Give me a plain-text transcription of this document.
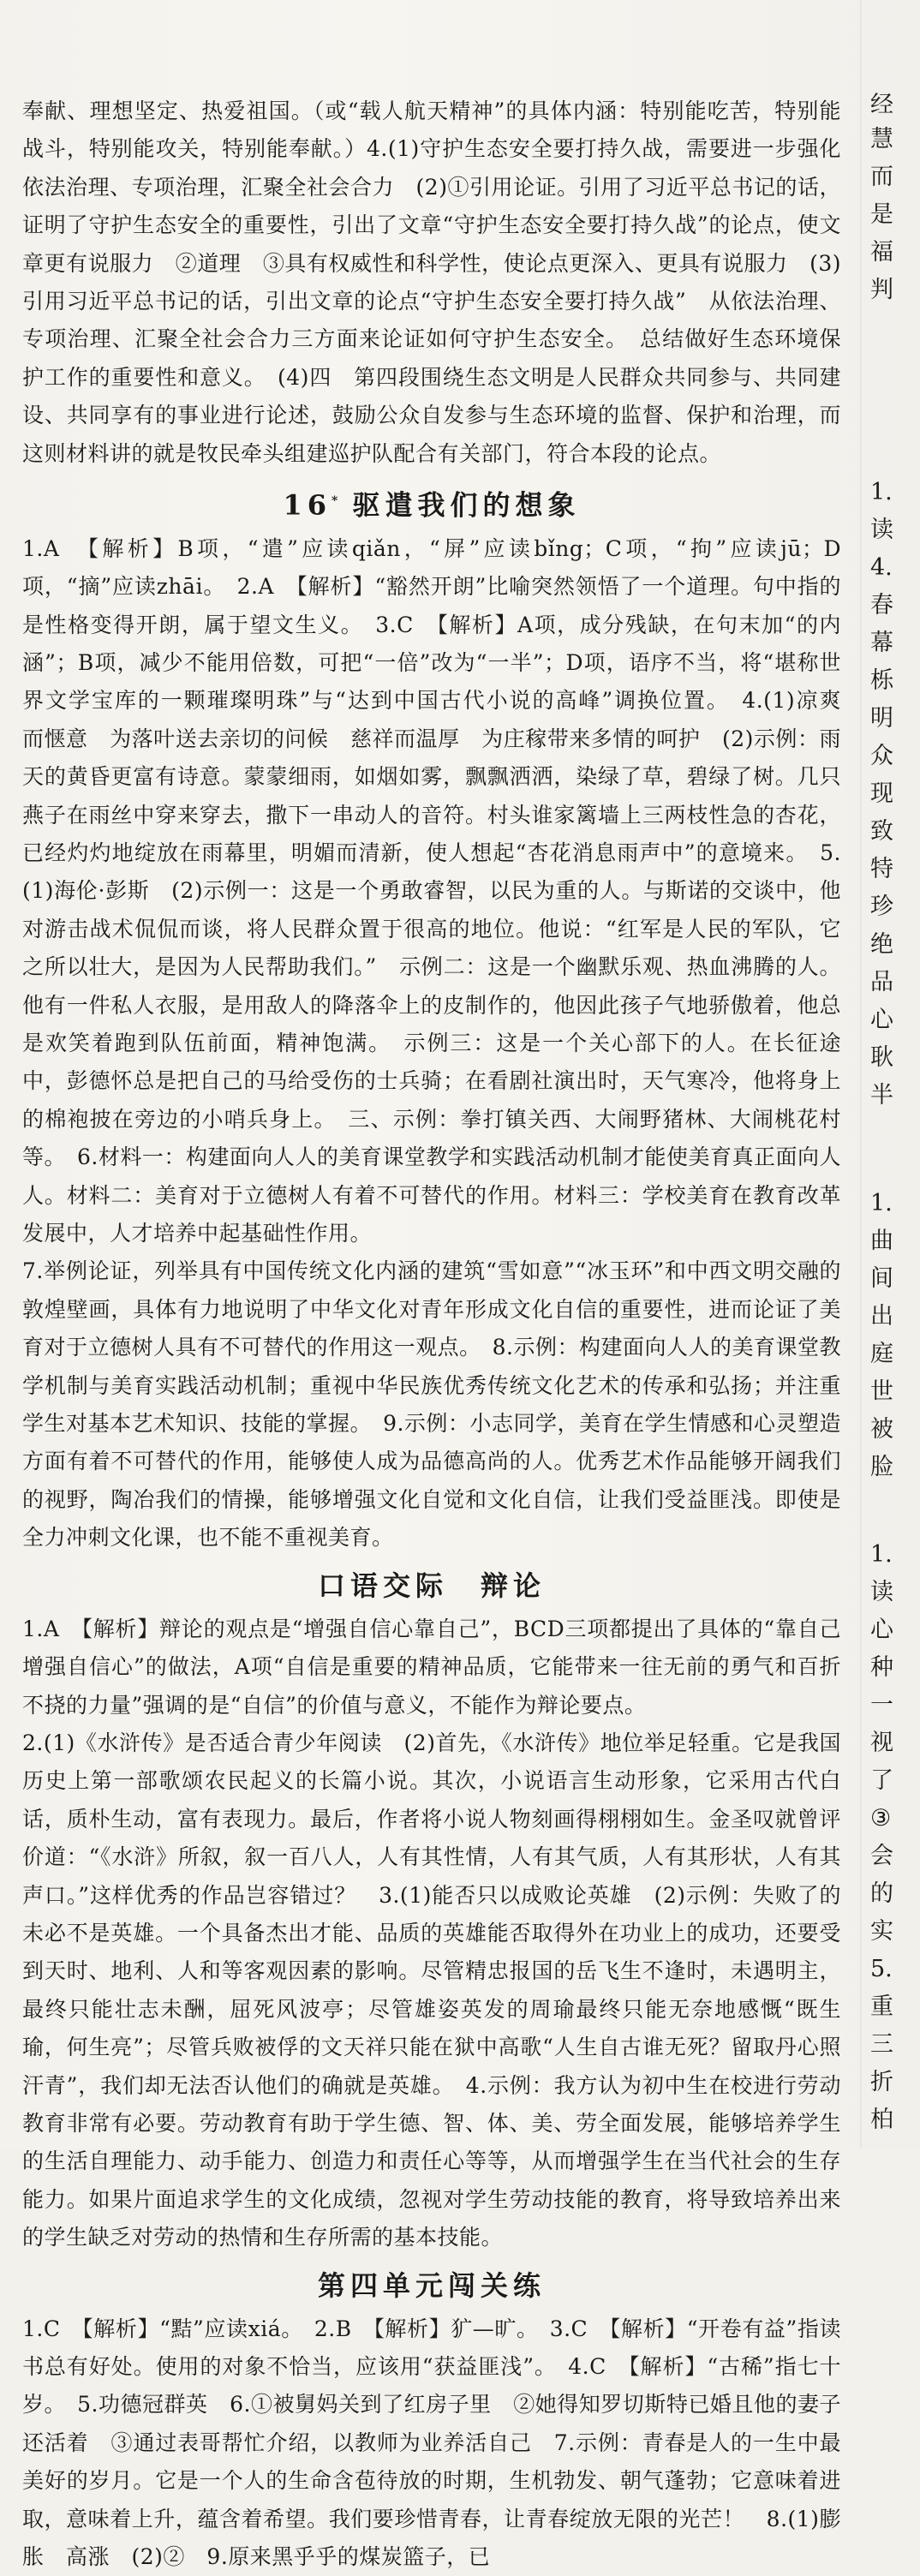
奉献、理想坚定、热爱祖国。（或“载人航天精神”的具体内涵：特别能吃苦，特别能战斗，特别能攻关，特别能奉献。）4.(1)守护生态安全要打持久战，需要进一步强化依法治理、专项治理，汇聚全社会合力　(2)①引用论证。引用了习近平总书记的话，证明了守护生态安全的重要性，引出了文章“守护生态安全要打持久战”的论点，使文章更有说服力　②道理　③具有权威性和科学性，使论点更深入、更具有说服力　(3)引用习近平总书记的话，引出文章的论点“守护生态安全要打持久战”　从依法治理、专项治理、汇聚全社会合力三方面来论证如何守护生态安全。　总结做好生态环境保护工作的重要性和意义。　(4)四　第四段围绕生态文明是人民群众共同参与、共同建设、共同享有的事业进行论述，鼓励公众自发参与生态环境的监督、保护和治理，而这则材料讲的就是牧民牵头组建巡护队配合有关部门，符合本段的论点。

16* 驱遣我们的想象

1.A　【解析】B项，“遣”应读qiǎn，“屏”应读bǐng；C项，“拘”应读jū；D项，“摘”应读zhāi。　2.A　【解析】“豁然开朗”比喻突然领悟了一个道理。句中指的是性格变得开朗，属于望文生义。　3.C　【解析】A项，成分残缺，在句末加“的内涵”；B项，减少不能用倍数，可把“一倍”改为“一半”；D项，语序不当，将“堪称世界文学宝库的一颗璀璨明珠”与“达到中国古代小说的高峰”调换位置。　4.(1)凉爽　而惬意　为落叶送去亲切的问候　慈祥而温厚　为庄稼带来多情的呵护　(2)示例：雨天的黄昏更富有诗意。蒙蒙细雨，如烟如雾，飘飘洒洒，染绿了草，碧绿了树。几只燕子在雨丝中穿来穿去，撒下一串动人的音符。村头谁家篱墙上三两枝性急的杏花，已经灼灼地绽放在雨幕里，明媚而清新，使人想起“杏花消息雨声中”的意境来。　5.(1)海伦·彭斯　(2)示例一：这是一个勇敢睿智，以民为重的人。与斯诺的交谈中，他对游击战术侃侃而谈，将人民群众置于很高的地位。他说：“红军是人民的军队，它之所以壮大，是因为人民帮助我们。”　示例二：这是一个幽默乐观、热血沸腾的人。他有一件私人衣服，是用敌人的降落伞上的皮制作的，他因此孩子气地骄傲着，他总是欢笑着跑到队伍前面，精神饱满。　示例三：这是一个关心部下的人。在长征途中，彭德怀总是把自己的马给受伤的士兵骑；在看剧社演出时，天气寒冷，他将身上的棉袍披在旁边的小哨兵身上。　三、示例：拳打镇关西、大闹野猪林、大闹桃花村等。　6.材料一：构建面向人人的美育课堂教学和实践活动机制才能使美育真正面向人人。材料二：美育对于立德树人有着不可替代的作用。材料三：学校美育在教育改革发展中，人才培养中起基础性作用。

7.举例论证，列举具有中国传统文化内涵的建筑“雪如意”“冰玉环”和中西文明交融的敦煌壁画，具体有力地说明了中华文化对青年形成文化自信的重要性，进而论证了美育对于立德树人具有不可替代的作用这一观点。　8.示例：构建面向人人的美育课堂教学机制与美育实践活动机制；重视中华民族优秀传统文化艺术的传承和弘扬；并注重学生对基本艺术知识、技能的掌握。　9.示例：小志同学，美育在学生情感和心灵塑造方面有着不可替代的作用，能够使人成为品德高尚的人。优秀艺术作品能够开阔我们的视野，陶冶我们的情操，能够增强文化自觉和文化自信，让我们受益匪浅。即使是全力冲刺文化课，也不能不重视美育。

口语交际　辩论

1.A　【解析】辩论的观点是“增强自信心靠自己”，BCD三项都提出了具体的“靠自己增强自信心”的做法，A项“自信是重要的精神品质，它能带来一往无前的勇气和百折不挠的力量”强调的是“自信”的价值与意义，不能作为辩论要点。

2.(1)《水浒传》是否适合青少年阅读　(2)首先，《水浒传》地位举足轻重。它是我国历史上第一部歌颂农民起义的长篇小说。其次，小说语言生动形象，它采用古代白话，质朴生动，富有表现力。最后，作者将小说人物刻画得栩栩如生。金圣叹就曾评价道：“《水浒》所叙，叙一百八人，人有其性情，人有其气质，人有其形状，人有其声口。”这样优秀的作品岂容错过？　3.(1)能否只以成败论英雄　(2)示例：失败了的未必不是英雄。一个具备杰出才能、品质的英雄能否取得外在功业上的成功，还要受到天时、地利、人和等客观因素的影响。尽管精忠报国的岳飞生不逢时，未遇明主，最终只能壮志未酬，屈死风波亭；尽管雄姿英发的周瑜最终只能无奈地感慨“既生瑜，何生亮”；尽管兵败被俘的文天祥只能在狱中高歌“人生自古谁无死？留取丹心照汗青”，我们却无法否认他们的确就是英雄。　4.示例：我方认为初中生在校进行劳动教育非常有必要。劳动教育有助于学生德、智、体、美、劳全面发展，能够培养学生的生活自理能力、动手能力、创造力和责任心等等，从而增强学生在当代社会的生存能力。如果片面追求学生的文化成绩，忽视对学生劳动技能的教育，将导致培养出来的学生缺乏对劳动的热情和生存所需的基本技能。

第四单元闯关练

1.C　【解析】“黠”应读xiá。　2.B　【解析】犷—旷。　3.C　【解析】“开卷有益”指读书总有好处。使用的对象不恰当，应该用“获益匪浅”。　4.C　【解析】“古稀”指七十岁。　5.功德冠群英　6.①被舅妈关到了红房子里　②她得知罗切斯特已婚且他的妻子还活着　③通过表哥帮忙介绍，以教师为业养活自己　7.示例：青春是人的一生中最美好的岁月。它是一个人的生命含苞待放的时期，生机勃发、朝气蓬勃；它意味着进取，意味着上升，蕴含着希望。我们要珍惜青春，让青春绽放无限的光芒！　8.(1)膨胀　高涨　(2)②　9.原来黑乎乎的煤炭篮子，已

经
慧
而
是
福
判
1.
读
4.
春
幕
栎
明
众
现
致
特
珍
绝
品
心
耿
半
1.
曲
间
出
庭
世
被
脸
1.
读
心
种
一
视
了
③
会
的
实
5.
重
三
折
柏
